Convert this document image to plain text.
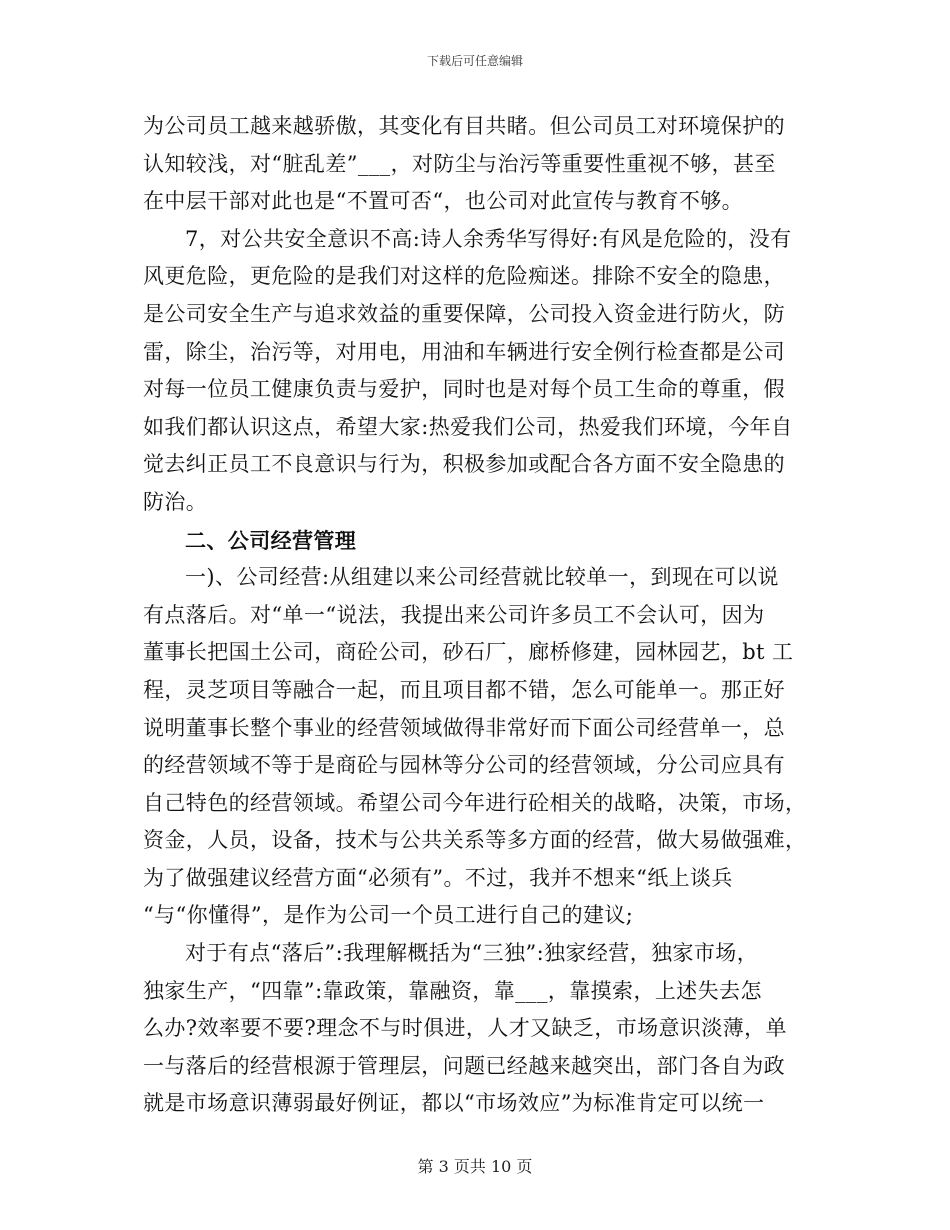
下载后可任意编辑
为公司员工越来越骄傲，其变化有目共睹。但公司员工对环境保护的
认知较浅，对“脏乱差”___，对防尘与治污等重要性重视不够，甚至
在中层干部对此也是“不置可否“，也公司对此宣传与教育不够。
7，对公共安全意识不高:诗人余秀华写得好:有风是危险的，没有
风更危险，更危险的是我们对这样的危险痴迷。排除不安全的隐患，
是公司安全生产与追求效益的重要保障，公司投入资金进行防火，防
雷，除尘，治污等，对用电，用油和车辆进行安全例行检查都是公司
对每一位员工健康负责与爱护，同时也是对每个员工生命的尊重，假
如我们都认识这点，希望大家:热爱我们公司，热爱我们环境，今年自
觉去纠正员工不良意识与行为，积极参加或配合各方面不安全隐患的
防治。
二、公司经营管理
一)、公司经营:从组建以来公司经营就比较单一，到现在可以说
有点落后。对“单一“说法，我提出来公司许多员工不会认可，因为
董事长把国土公司，商砼公司，砂石厂，廊桥修建，园林园艺，bt 工
程，灵芝项目等融合一起，而且项目都不错，怎么可能单一。那正好
说明董事长整个事业的经营领域做得非常好而下面公司经营单一，总
的经营领域不等于是商砼与园林等分公司的经营领域，分公司应具有
自己特色的经营领域。希望公司今年进行砼相关的战略，决策，市场，
资金，人员，设备，技术与公共关系等多方面的经营，做大易做强难，
为了做强建议经营方面“必须有”。不过，我并不想来“纸上谈兵
“与“你懂得”，是作为公司一个员工进行自己的建议;
对于有点“落后”:我理解概括为“三独”:独家经营，独家市场，
独家生产，“四靠”:靠政策，靠融资，靠___，靠摸索，上述失去怎
么办?效率要不要?理念不与时俱进，人才又缺乏，市场意识淡薄，单
一与落后的经营根源于管理层，问题已经越来越突出，部门各自为政
就是市场意识薄弱最好例证，都以“市场效应”为标准肯定可以统一
第 3 页共 10 页
